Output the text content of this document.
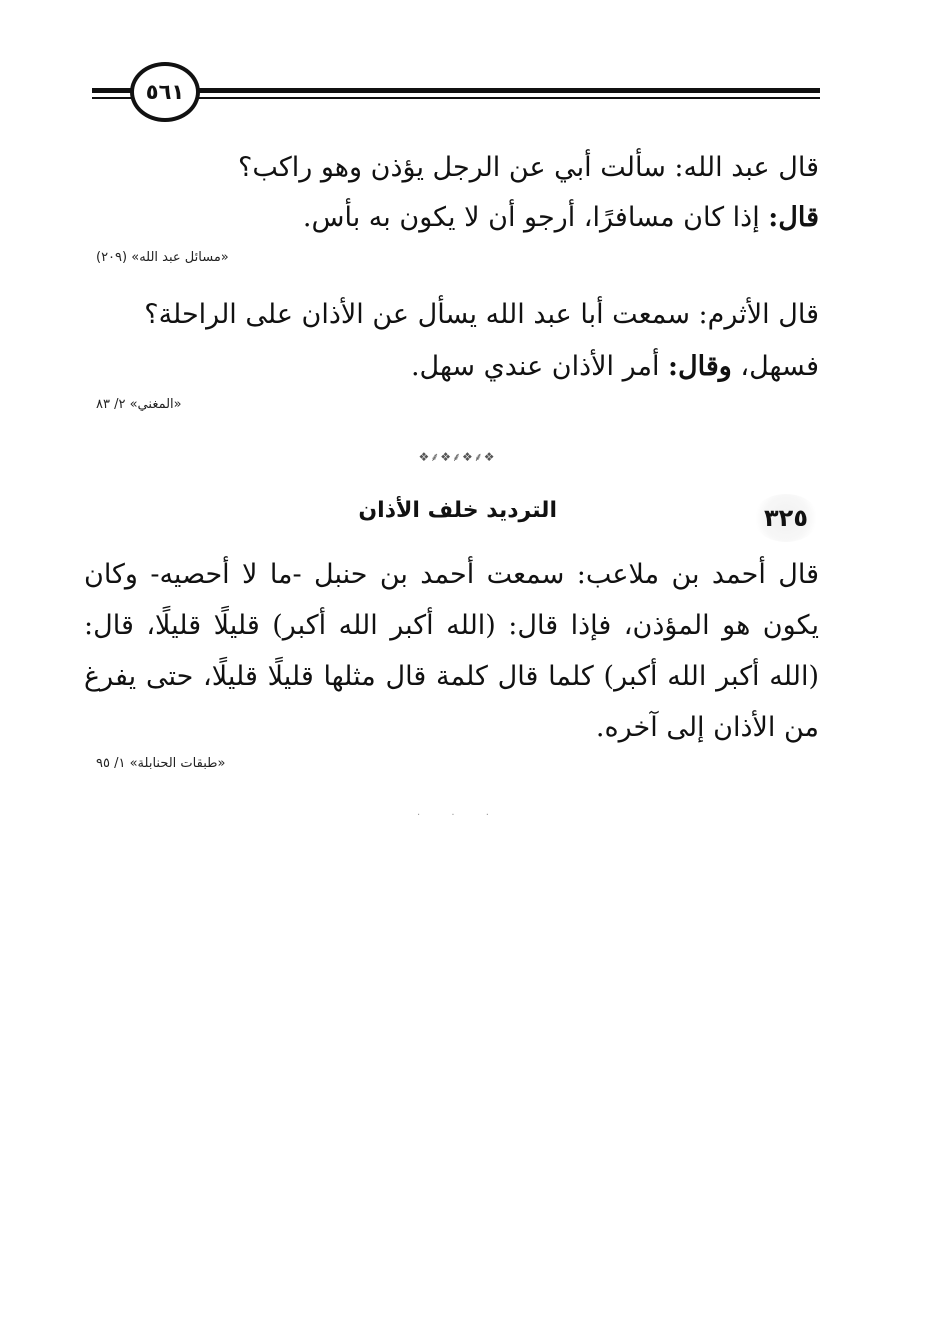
٥٦١
قال عبد الله: سألت أبي عن الرجل يؤذن وهو راكب؟
قال: إذا كان مسافرًا، أرجو أن لا يكون به بأس.
«مسائل عبد الله» (٢٠٩)
قال الأثرم: سمعت أبا عبد الله يسأل عن الأذان على الراحلة؟
فسهل، وقال: أمر الأذان عندي سهل.
«المغني» ٢/ ٨٣
❖⸙❖⸙❖⸙❖
٣٢٥
الترديد خلف الأذان
قال أحمد بن ملاعب: سمعت أحمد بن حنبل -ما لا أحصيه- وكان يكون هو المؤذن، فإذا قال: (الله أكبر الله أكبر) قليلًا قليلًا، قال: (الله أكبر الله أكبر) كلما قال كلمة قال مثلها قليلًا قليلًا، حتى يفرغ من الأذان إلى آخره.
«طبقات الحنابلة» ١/ ٩٥
· · ·
